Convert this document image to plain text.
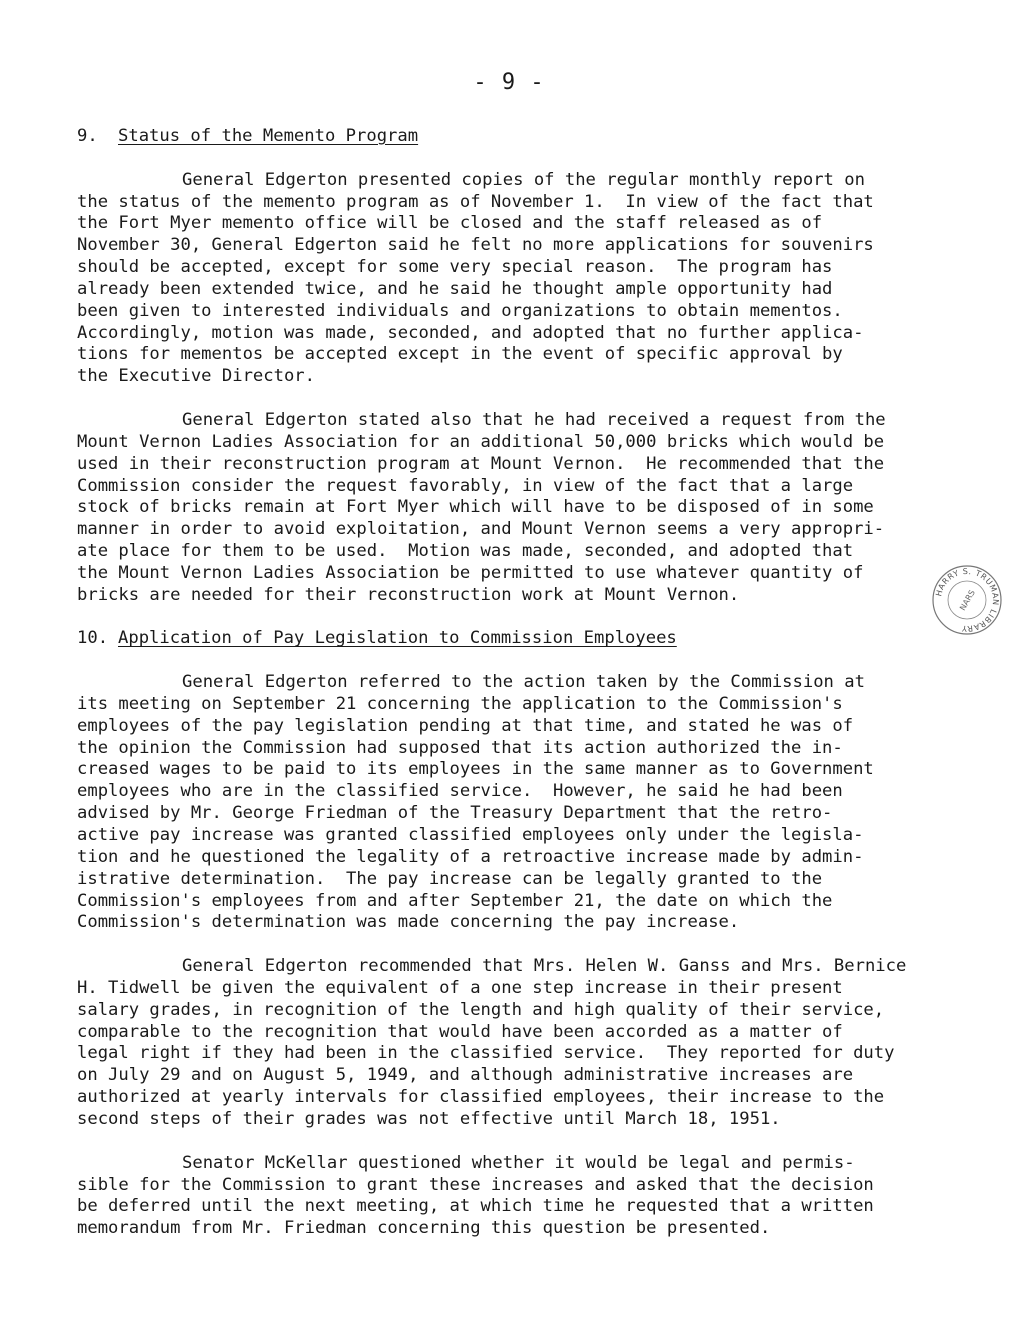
- 9 -
9. Status of the Memento Program
General Edgerton presented copies of the regular monthly report on
the status of the memento program as of November 1.  In view of the fact that
the Fort Myer memento office will be closed and the staff released as of
November 30, General Edgerton said he felt no more applications for souvenirs
should be accepted, except for some very special reason.  The program has
already been extended twice, and he said he thought ample opportunity had
been given to interested individuals and organizations to obtain mementos.
Accordingly, motion was made, seconded, and adopted that no further applica-
tions for mementos be accepted except in the event of specific approval by
the Executive Director.
General Edgerton stated also that he had received a request from the
Mount Vernon Ladies Association for an additional 50,000 bricks which would be
used in their reconstruction program at Mount Vernon.  He recommended that the
Commission consider the request favorably, in view of the fact that a large
stock of bricks remain at Fort Myer which will have to be disposed of in some
manner in order to avoid exploitation, and Mount Vernon seems a very appropri-
ate place for them to be used.  Motion was made, seconded, and adopted that
the Mount Vernon Ladies Association be permitted to use whatever quantity of
bricks are needed for their reconstruction work at Mount Vernon.
10. Application of Pay Legislation to Commission Employees
General Edgerton referred to the action taken by the Commission at
its meeting on September 21 concerning the application to the Commission's
employees of the pay legislation pending at that time, and stated he was of
the opinion the Commission had supposed that its action authorized the in-
creased wages to be paid to its employees in the same manner as to Government
employees who are in the classified service.  However, he said he had been
advised by Mr. George Friedman of the Treasury Department that the retro-
active pay increase was granted classified employees only under the legisla-
tion and he questioned the legality of a retroactive increase made by admin-
istrative determination.  The pay increase can be legally granted to the
Commission's employees from and after September 21, the date on which the
Commission's determination was made concerning the pay increase.
General Edgerton recommended that Mrs. Helen W. Ganss and Mrs. Bernice
H. Tidwell be given the equivalent of a one step increase in their present
salary grades, in recognition of the length and high quality of their service,
comparable to the recognition that would have been accorded as a matter of
legal right if they had been in the classified service.  They reported for duty
on July 29 and on August 5, 1949, and although administrative increases are
authorized at yearly intervals for classified employees, their increase to the
second steps of their grades was not effective until March 18, 1951.
Senator McKellar questioned whether it would be legal and permis-
sible for the Commission to grant these increases and asked that the decision
be deferred until the next meeting, at which time he requested that a written
memorandum from Mr. Friedman concerning this question be presented.
HARRY S. TRUMAN LIBRARY
NARS
